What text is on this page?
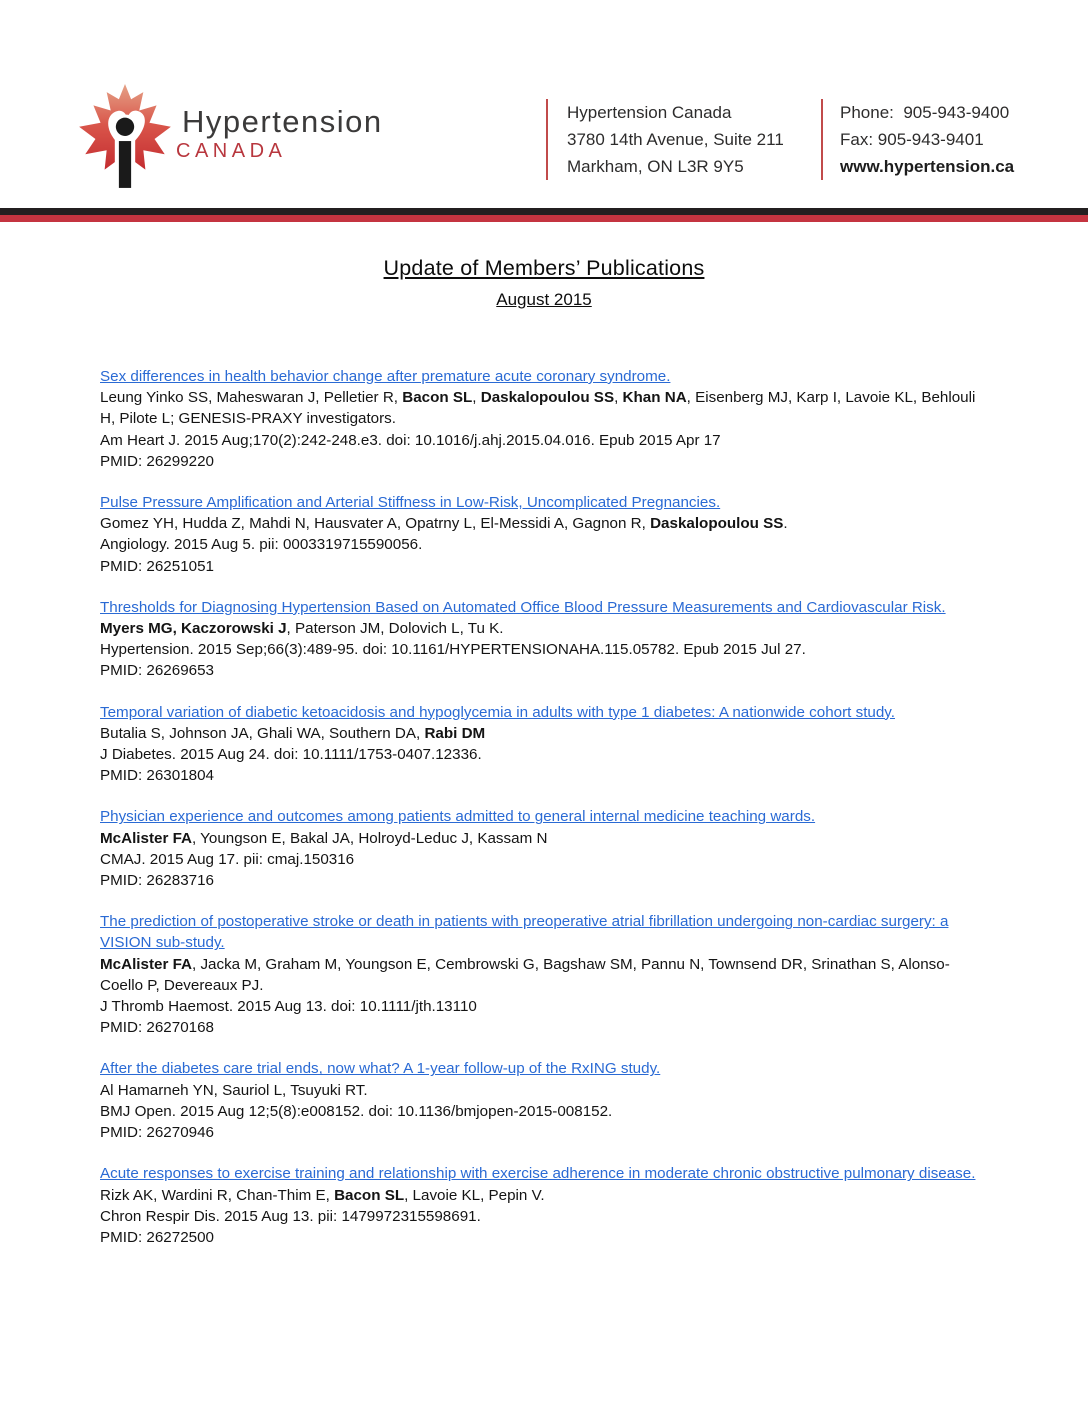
Hypertension
CANADA
Hypertension Canada
3780 14th Avenue, Suite 211
Markham, ON L3R 9Y5
Phone:  905-943-9400
Fax: 905-943-9401
www.hypertension.ca
Update of Members’ Publications
August 2015
Sex differences in health behavior change after premature acute coronary syndrome.
Leung Yinko SS, Maheswaran J, Pelletier R, Bacon SL, Daskalopoulou SS, Khan NA, Eisenberg MJ, Karp I, Lavoie KL, Behlouli H, Pilote L; GENESIS-PRAXY investigators.
Am Heart J. 2015 Aug;170(2):242-248.e3. doi: 10.1016/j.ahj.2015.04.016. Epub 2015 Apr 17
PMID: 26299220
Pulse Pressure Amplification and Arterial Stiffness in Low-Risk, Uncomplicated Pregnancies.
Gomez YH, Hudda Z, Mahdi N, Hausvater A, Opatrny L, El-Messidi A, Gagnon R, Daskalopoulou SS.
Angiology. 2015 Aug 5. pii: 0003319715590056.
PMID: 26251051
Thresholds for Diagnosing Hypertension Based on Automated Office Blood Pressure Measurements and Cardiovascular Risk.
Myers MG, Kaczorowski J, Paterson JM, Dolovich L, Tu K.
Hypertension. 2015 Sep;66(3):489-95. doi: 10.1161/HYPERTENSIONAHA.115.05782. Epub 2015 Jul 27.
PMID: 26269653
Temporal variation of diabetic ketoacidosis and hypoglycemia in adults with type 1 diabetes: A nationwide cohort study.
Butalia S, Johnson JA, Ghali WA, Southern DA, Rabi DM
J Diabetes. 2015 Aug 24. doi: 10.1111/1753-0407.12336.
PMID: 26301804
Physician experience and outcomes among patients admitted to general internal medicine teaching wards.
McAlister FA, Youngson E, Bakal JA, Holroyd-Leduc J, Kassam N
CMAJ. 2015 Aug 17. pii: cmaj.150316
PMID: 26283716
The prediction of postoperative stroke or death in patients with preoperative atrial fibrillation undergoing non-cardiac surgery: a VISION sub-study.
McAlister FA, Jacka M, Graham M, Youngson E, Cembrowski G, Bagshaw SM, Pannu N, Townsend DR, Srinathan S, Alonso-Coello P, Devereaux PJ.
J Thromb Haemost. 2015 Aug 13. doi: 10.1111/jth.13110
PMID: 26270168
After the diabetes care trial ends, now what? A 1-year follow-up of the RxING study.
Al Hamarneh YN, Sauriol L, Tsuyuki RT.
BMJ Open. 2015 Aug 12;5(8):e008152. doi: 10.1136/bmjopen-2015-008152.
PMID: 26270946
Acute responses to exercise training and relationship with exercise adherence in moderate chronic obstructive pulmonary disease.
Rizk AK, Wardini R, Chan-Thim E, Bacon SL, Lavoie KL, Pepin V.
Chron Respir Dis. 2015 Aug 13. pii: 1479972315598691.
PMID: 26272500
